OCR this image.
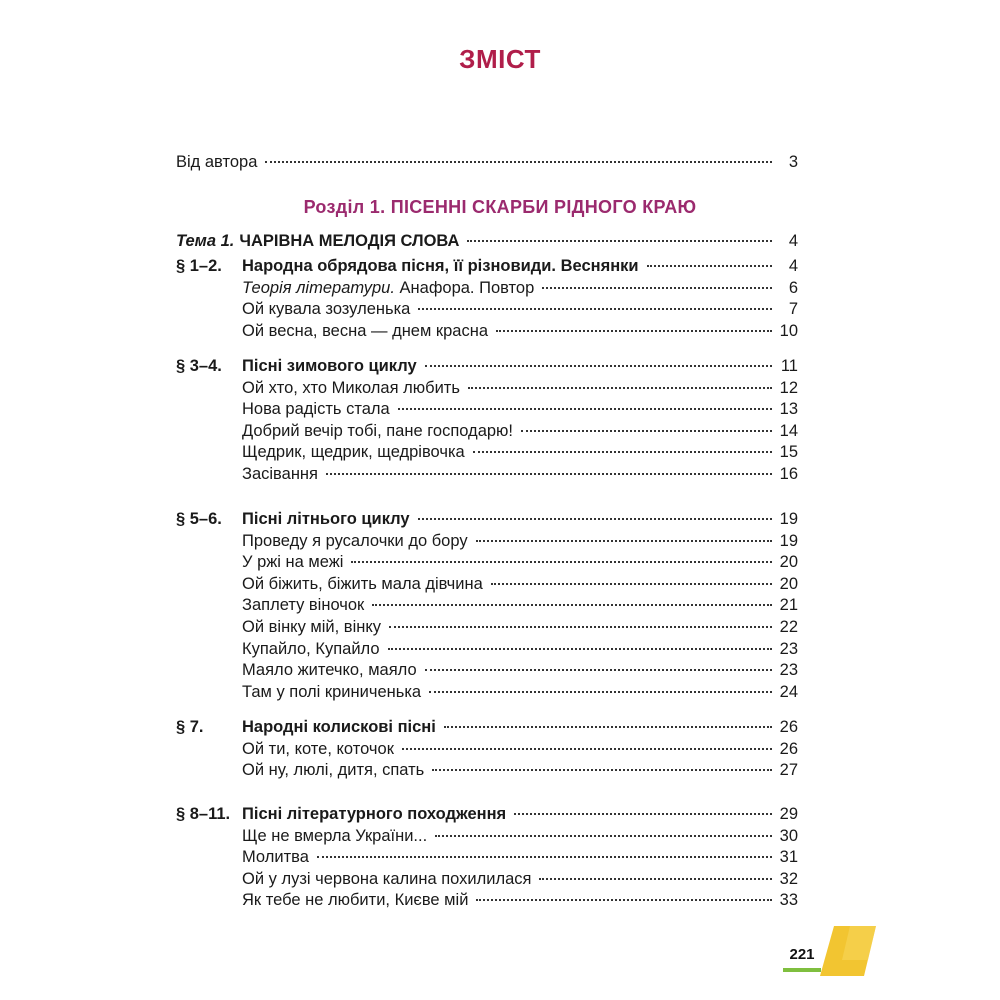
ЗМІСТ
Від автора	3
Розділ 1. ПІСЕННІ СКАРБИ РІДНОГО КРАЮ
Тема 1. ЧАРІВНА МЕЛОДІЯ СЛОВА	4
§ 1–2.	Народна обрядова пісня, її різновиди. Веснянки	4
Теорія літератури. Анафора. Повтор	6
Ой кувала зозуленька	7
Ой весна, весна — днем красна	10
§ 3–4.	Пісні зимового циклу	11
Ой хто, хто Миколая любить	12
Нова радість стала	13
Добрий вечір тобі, пане господарю!	14
Щедрик, щедрик, щедрівочка	15
Засівання	16
§ 5–6.	Пісні літнього циклу	19
Проведу я русалочки до бору	19
У ржі на межі	20
Ой біжить, біжить мала дівчина	20
Заплету віночок	21
Ой вінку мій, вінку	22
Купайло, Купайло	23
Маяло житечко, маяло	23
Там у полі криниченька	24
§ 7.	Народні колискові пісні	26
Ой ти, коте, коточок	26
Ой ну, люлі, дитя, спать	27
§ 8–11. Пісні літературного походження	29
Ще не вмерла України...	30
Молитва	31
Ой у лузі червона калина похилилася	32
Як тебе не любити, Києве мій	33
221
